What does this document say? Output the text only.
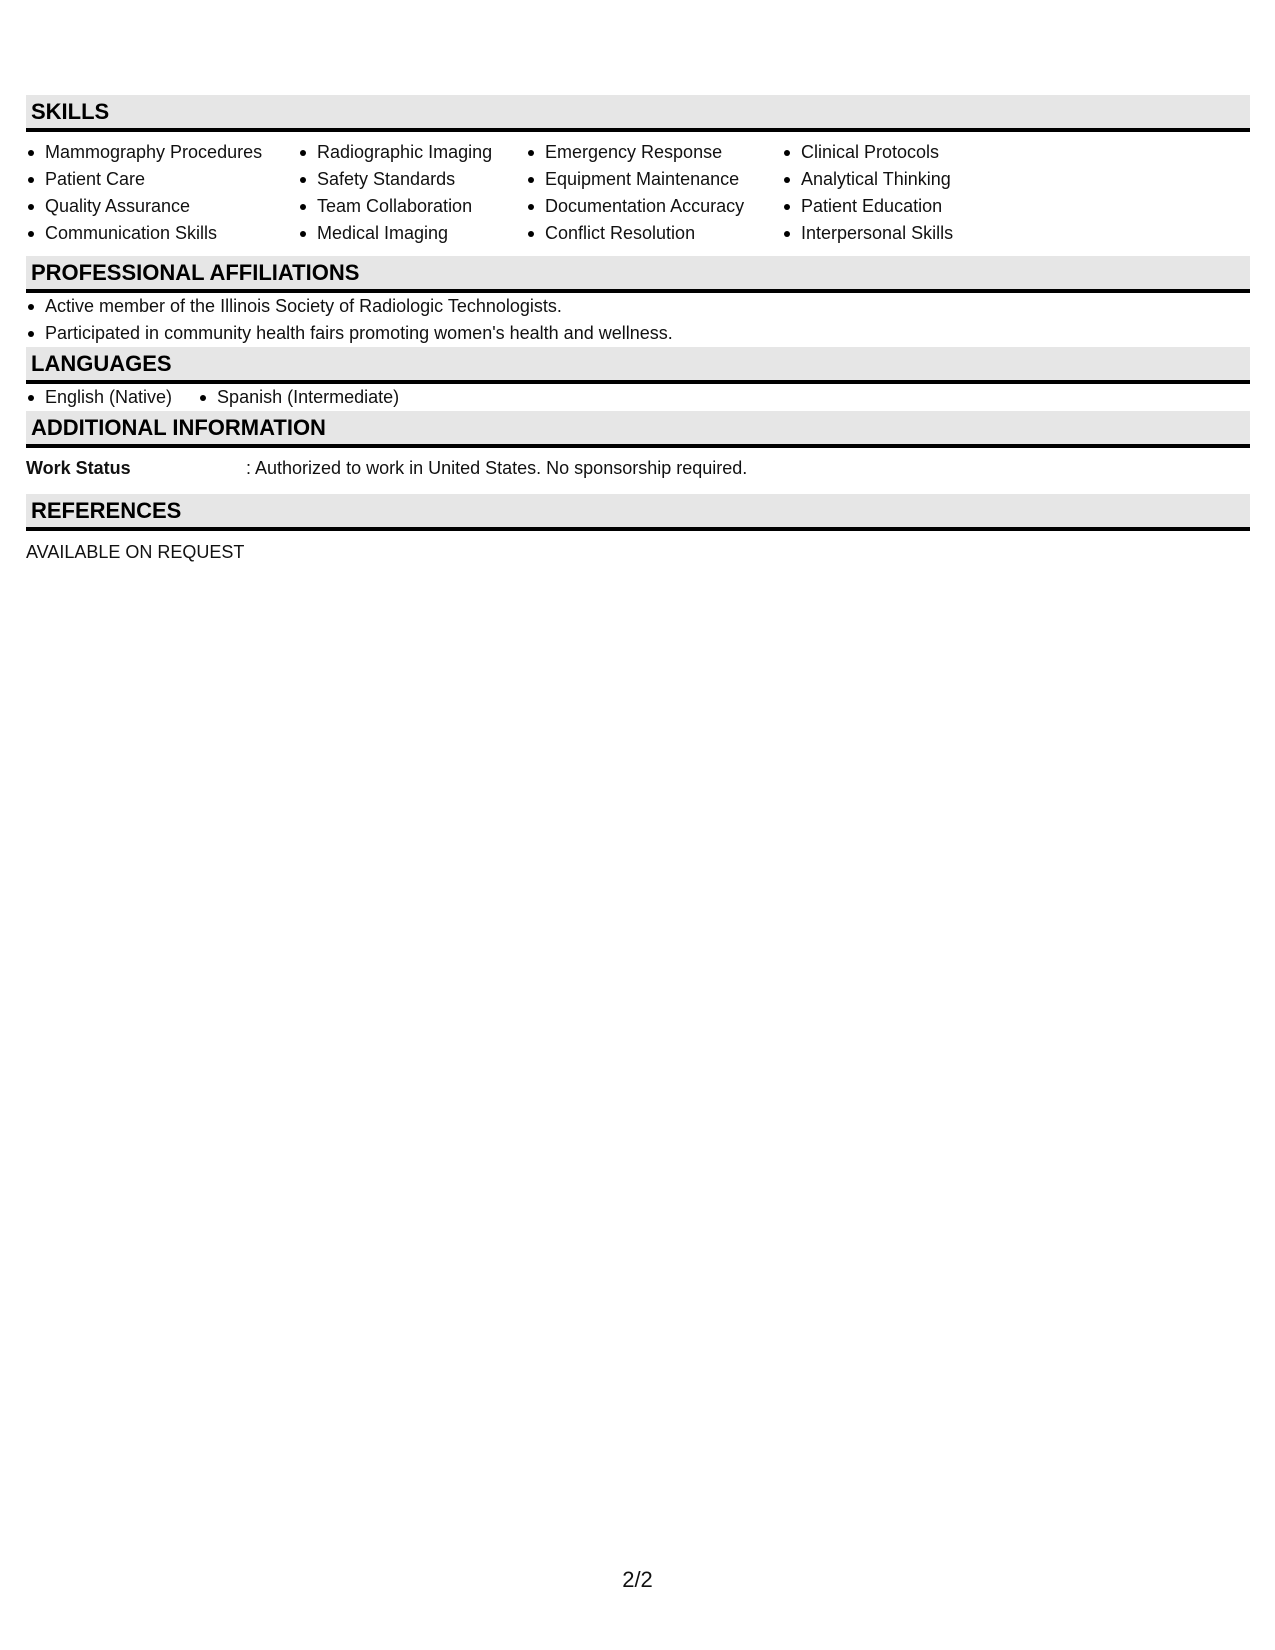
SKILLS
Mammography Procedures
Patient Care
Quality Assurance
Communication Skills
Radiographic Imaging
Safety Standards
Team Collaboration
Medical Imaging
Emergency Response
Equipment Maintenance
Documentation Accuracy
Conflict Resolution
Clinical Protocols
Analytical Thinking
Patient Education
Interpersonal Skills
PROFESSIONAL AFFILIATIONS
Active member of the Illinois Society of Radiologic Technologists.
Participated in community health fairs promoting women's health and wellness.
LANGUAGES
English (Native)	Spanish (Intermediate)
ADDITIONAL INFORMATION
Work Status	: Authorized to work in United States. No sponsorship required.
REFERENCES
AVAILABLE ON REQUEST
2/2
